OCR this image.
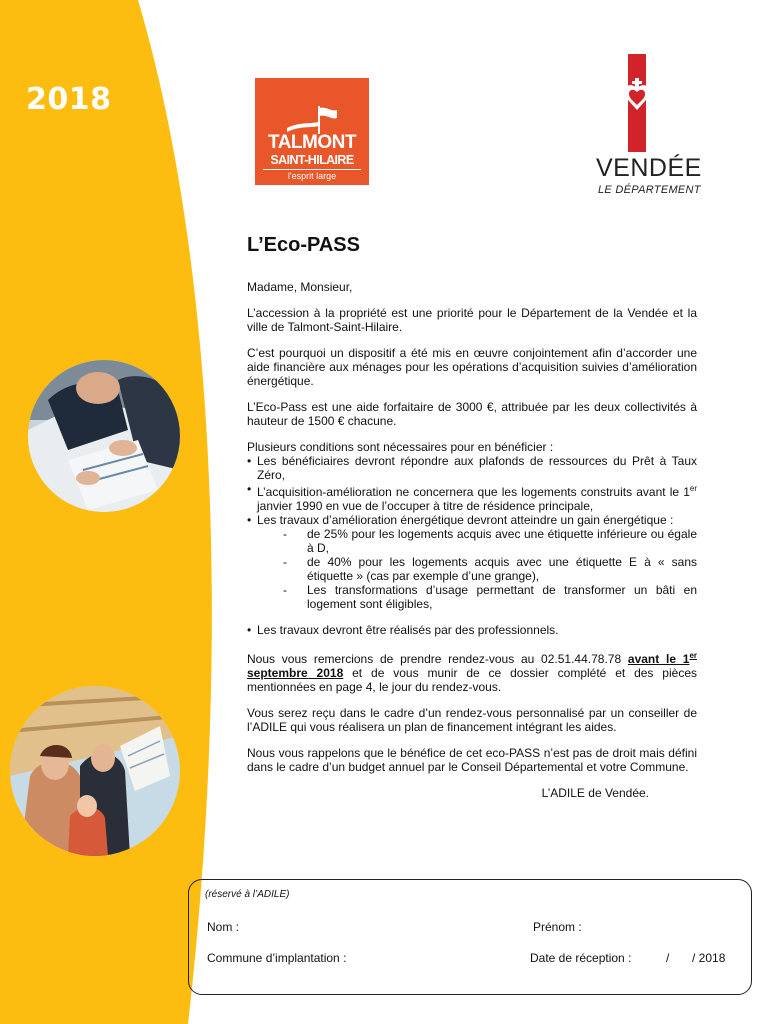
2018
TALMONT
SAINT-HILAIRE
l'esprit large	VENDÉE
LE DÉPARTEMENT
L’Eco-PASS

Madame, Monsieur,

L’accession à la propriété est une priorité pour le Département de la Vendée et la ville de Talmont-Saint-Hilaire.

C’est pourquoi un dispositif a été mis en œuvre conjointement afin d’accorder une aide financière aux ménages pour les opérations d’acquisition suivies d’amélioration énergétique.

L’Eco-Pass est une aide forfaitaire de 3000 €, attribuée par les deux collectivités à hauteur de 1500 € chacune.

Plusieurs conditions sont nécessaires pour en bénéficier :
• Les bénéficiaires devront répondre aux plafonds de ressources du Prêt à Taux Zéro,
• L’acquisition-amélioration ne concernera que les logements construits avant le 1er janvier 1990 en vue de l’occuper à titre de résidence principale,
• Les travaux d’amélioration énergétique devront atteindre un gain énergétique :
- de 25% pour les logements acquis avec une étiquette inférieure ou égale à D,
- de 40% pour les logements acquis avec une étiquette E à « sans étiquette » (cas par exemple d’une grange),
- Les transformations d’usage permettant de transformer un bâti en logement sont éligibles,
• Les travaux devront être réalisés par des professionnels.

Nous vous remercions de prendre rendez-vous au 02.51.44.78.78 avant le 1er septembre 2018 et de vous munir de ce dossier complété et des pièces mentionnées en page 4, le jour du rendez-vous.

Vous serez reçu dans le cadre d’un rendez-vous personnalisé par un conseiller de l’ADILE qui vous réalisera un plan de financement intégrant les aides.

Nous vous rappelons que le bénéfice de cet eco-PASS n’est pas de droit mais défini dans le cadre d’un budget annuel par le Conseil Départemental et votre Commune.

L’ADILE de Vendée.
(réservé à l’ADILE)
Nom :	Prénom :
Commune d’implantation :	Date de réception :	/ / 2018
